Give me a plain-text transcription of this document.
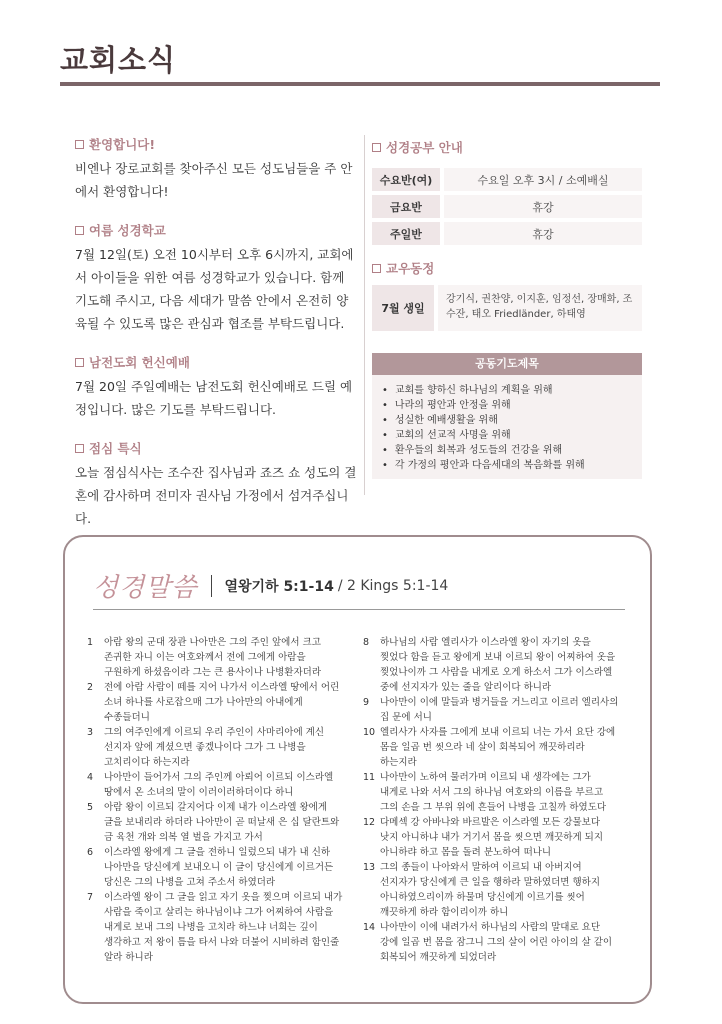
교회소식
환영합니다!
비엔나 장로교회를 찾아주신 모든 성도님들을 주 안에서 환영합니다!
여름 성경학교
7월 12일(토) 오전 10시부터 오후 6시까지, 교회에서 아이들을 위한 여름 성경학교가 있습니다. 함께 기도해 주시고, 다음 세대가 말씀 안에서 온전히 양육될 수 있도록 많은 관심과 협조를 부탁드립니다.
남전도회 헌신예배
7월 20일 주일예배는 남전도회 헌신예배로 드릴 예정입니다. 많은 기도를 부탁드립니다.
점심 특식
오늘 점심식사는 조수잔 집사님과 죠즈 쇼 성도의 결혼에 감사하며 전미자 권사님 가정에서 섬겨주십니다.
성경공부 안내
수요반(여)		수요일 오후 3시 / 소예배실
금요반		휴강
주일반		휴강
교우동정
7월 생일
강기식, 권찬양, 이지훈, 임정선, 장매화, 조수잔, 태오 Friedländer, 하태영
공동기도제목
• 교회를 향하신 하나님의 계획을 위해
• 나라의 평안과 안정을 위해
• 성실한 예배생활을 위해
• 교회의 선교적 사명을 위해
• 환우들의 회복과 성도들의 건강을 위해
• 각 가정의 평안과 다음세대의 복음화를 위해
성경말씀 열왕기하 5:1-14 / 2 Kings 5:1-14
1	아람 왕의 군대 장관 나아만은 그의 주인 앞에서 크고 존귀한 자니 이는 여호와께서 전에 그에게 아람을 구원하게 하셨음이라 그는 큰 용사이나 나병환자더라
2	전에 아람 사람이 떼를 지어 나가서 이스라엘 땅에서 어린 소녀 하나를 사로잡으매 그가 나아만의 아내에게 수종들더니
3	그의 여주인에게 이르되 우리 주인이 사마리아에 계신 선지자 앞에 계셨으면 좋겠나이다 그가 그 나병을 고치리이다 하는지라
4	나아만이 들어가서 그의 주인께 아뢰어 이르되 이스라엘 땅에서 온 소녀의 말이 이러이러하더이다 하니
5	아람 왕이 이르되 갈지어다 이제 내가 이스라엘 왕에게 글을 보내리라 하더라 나아만이 곧 떠날새 은 십 달란트와 금 육천 개와 의복 열 벌을 가지고 가서
6	이스라엘 왕에게 그 글을 전하니 일렀으되 내가 내 신하 나아만을 당신에게 보내오니 이 글이 당신에게 이르거든 당신은 그의 나병을 고쳐 주소서 하였더라
7	이스라엘 왕이 그 글을 읽고 자기 옷을 찢으며 이르되 내가 사람을 죽이고 살리는 하나님이냐 그가 어찌하여 사람을 내게로 보내 그의 나병을 고치라 하느냐 너희는 깊이 생각하고 저 왕이 틈을 타서 나와 더불어 시비하려 함인줄 알라 하니라
8	하나님의 사람 엘리사가 이스라엘 왕이 자기의 옷을 찢었다 함을 듣고 왕에게 보내 이르되 왕이 어찌하여 옷을 찢었나이까 그 사람을 내게로 오게 하소서 그가 이스라엘 중에 선지자가 있는 줄을 알리이다 하니라
9	나아만이 이에 말들과 병거들을 거느리고 이르러 엘리사의 집 문에 서니
10 엘리사가 사자를 그에게 보내 이르되 너는 가서 요단 강에 몸을 일곱 번 씻으라 네 살이 회복되어 깨끗하리라 하는지라
11 나아만이 노하여 물러가며 이르되 내 생각에는 그가 내게로 나와 서서 그의 하나님 여호와의 이름을 부르고 그의 손을 그 부위 위에 흔들어 나병을 고칠까 하였도다
12 다메섹 강 아바나와 바르발은 이스라엘 모든 강물보다 낫지 아니하냐 내가 거기서 몸을 씻으면 깨끗하게 되지 아니하랴 하고 몸을 돌려 분노하여 떠나니
13 그의 종들이 나아와서 말하여 이르되 내 아버지여 선지자가 당신에게 큰 일을 행하라 말하였더면 행하지 아니하였으리이까 하물며 당신에게 이르기를 씻어 깨끗하게 하라 함이리이까 하니
14 나아만이 이에 내려가서 하나님의 사람의 말대로 요단 강에 일곱 번 몸을 잠그니 그의 살이 어린 아이의 살 같이 회복되어 깨끗하게 되었더라
